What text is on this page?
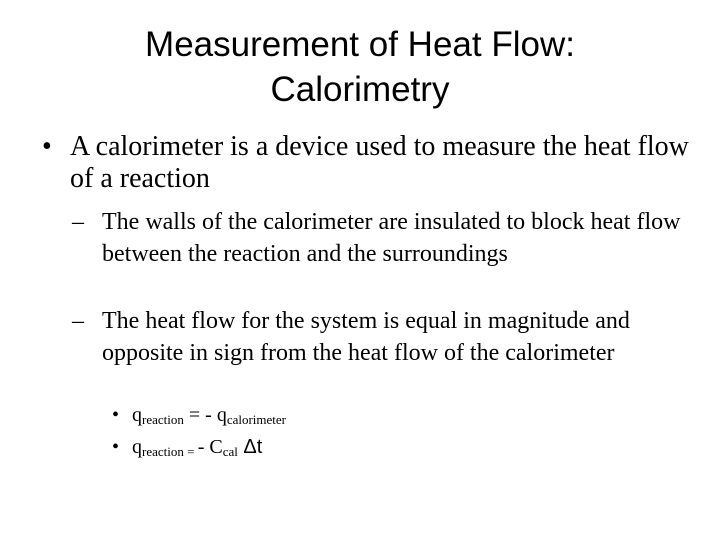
Measurement of Heat Flow:
Calorimetry
• A calorimeter is a device used to measure the heat flow of a reaction
– The walls of the calorimeter are insulated to block heat flow between the reaction and the surroundings
– The heat flow for the system is equal in magnitude and opposite in sign from the heat flow of the calorimeter
• qreaction = - qcalorimeter
• qreaction = - Ccal Δt
